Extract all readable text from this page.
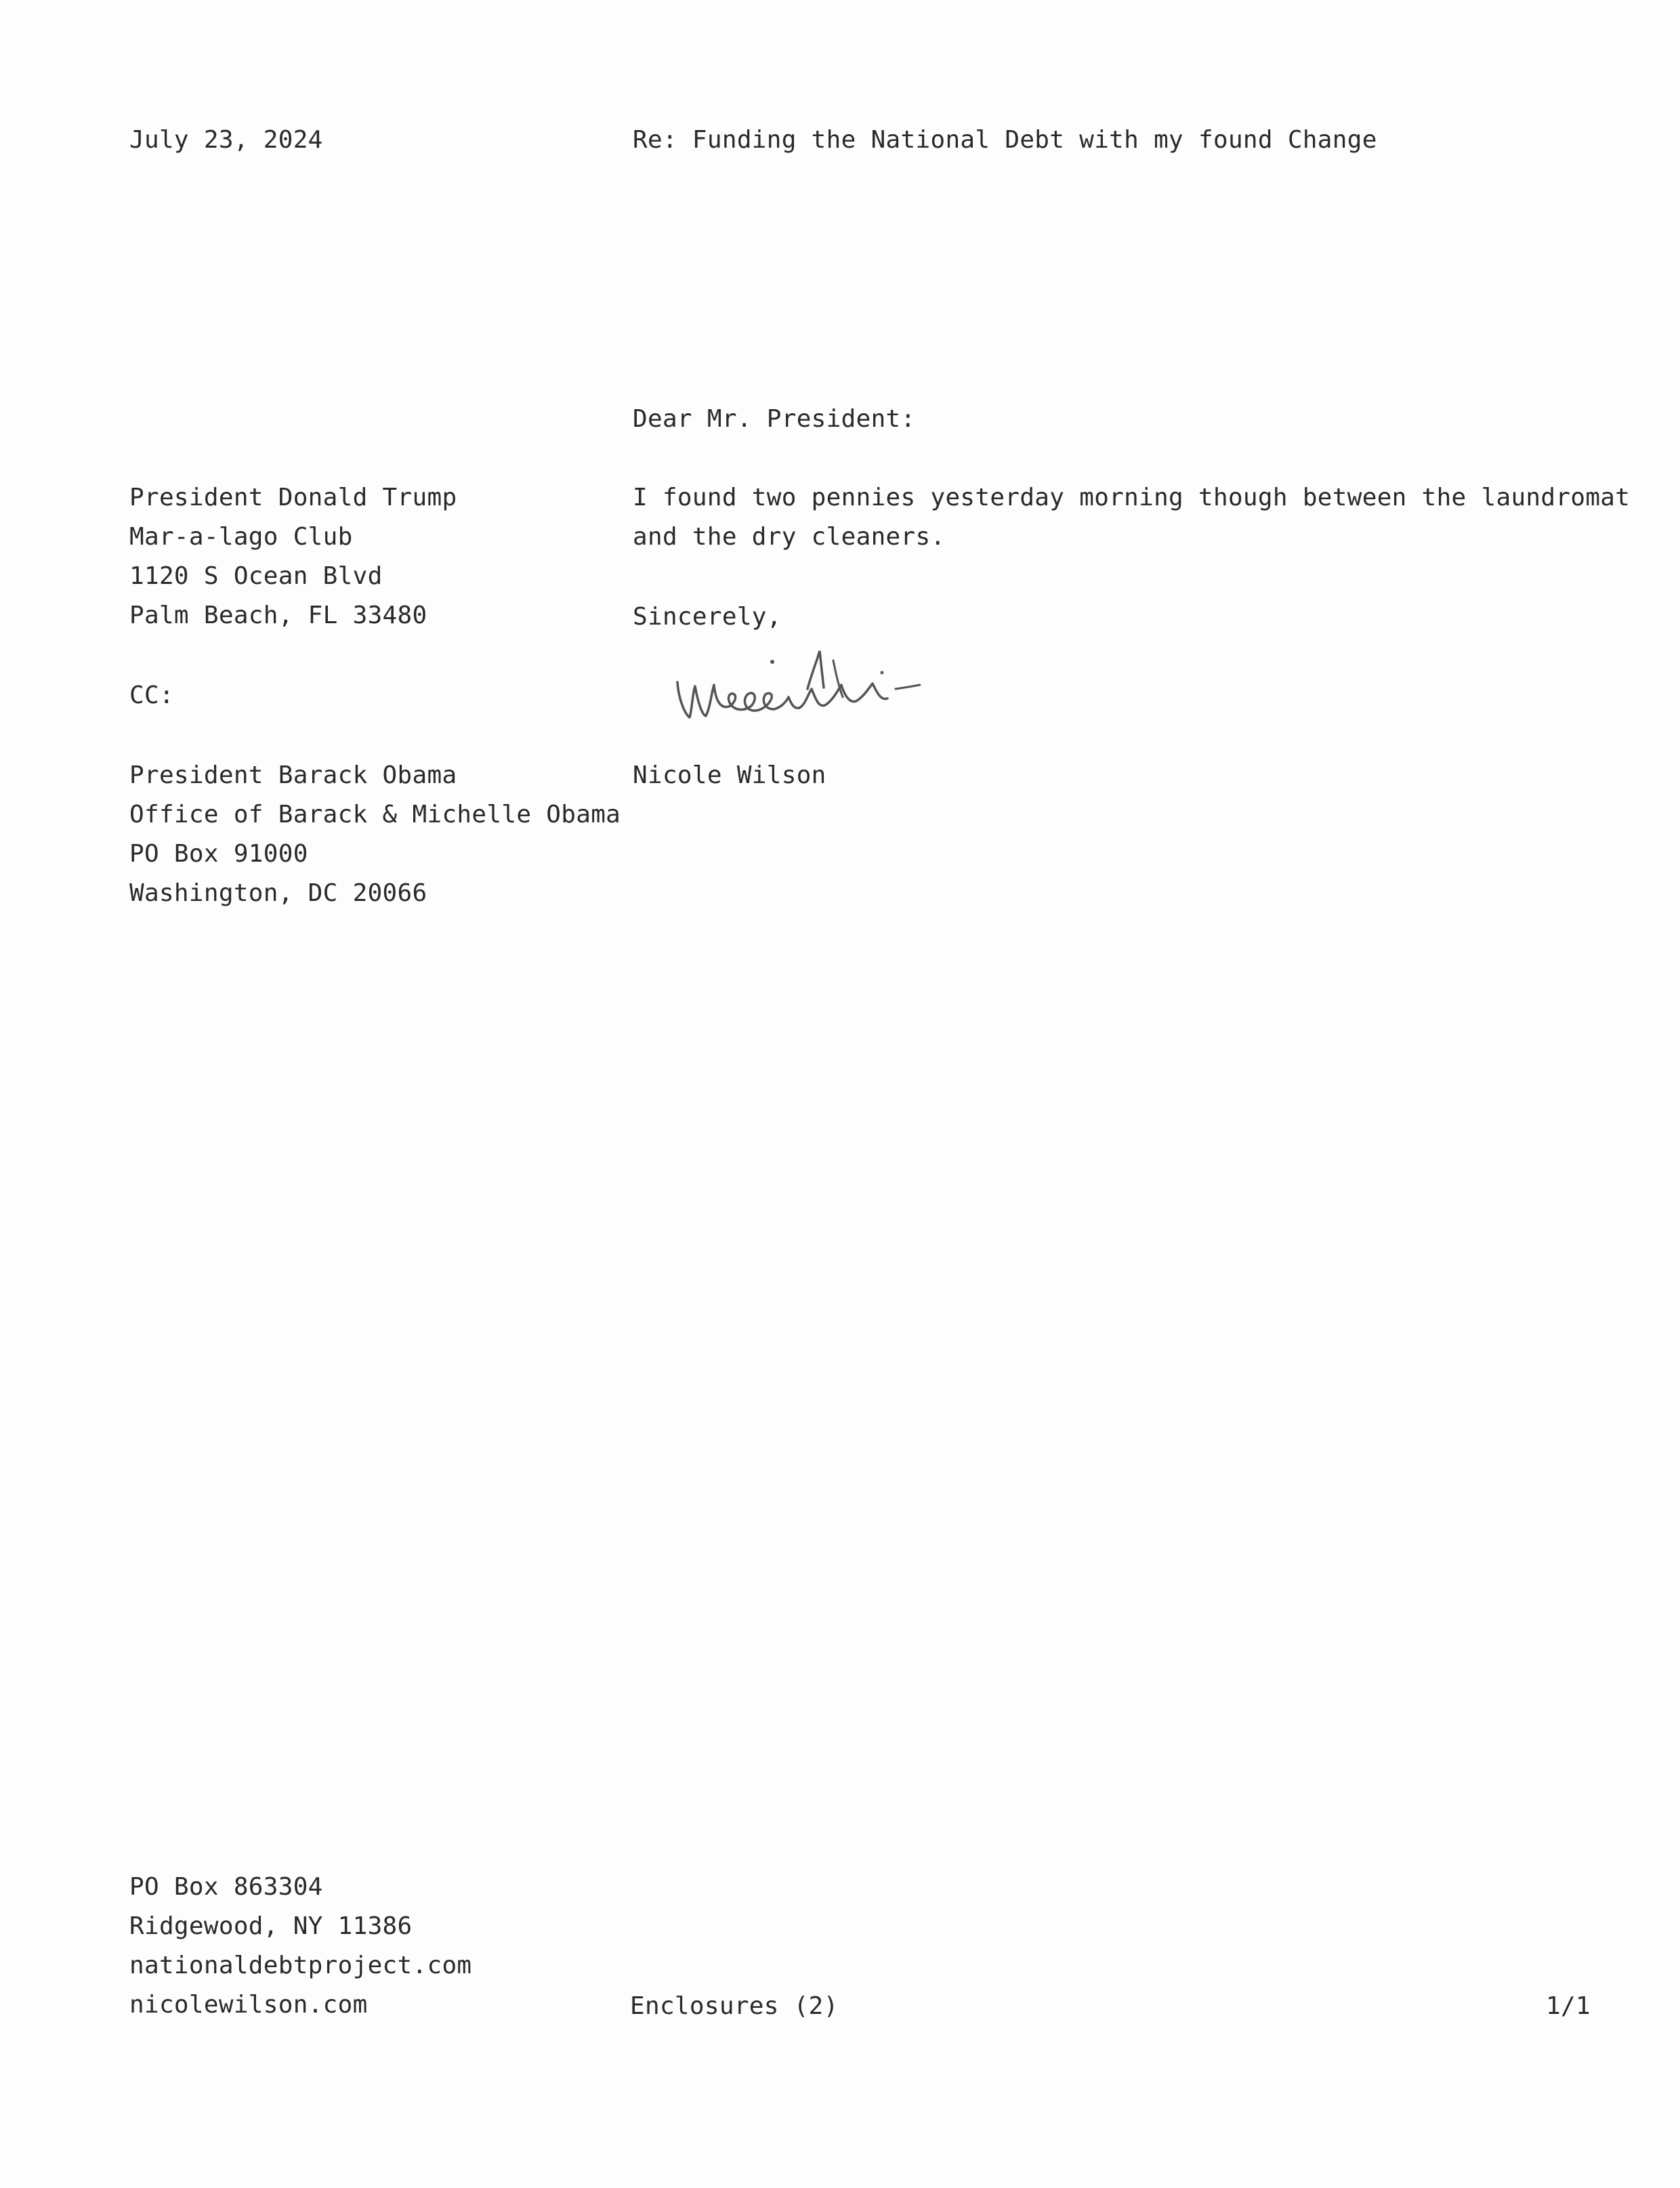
July 23, 2024	Re: Funding the National Debt with my found Change
Dear Mr. President:
President Donald Trump
Mar-a-lago Club
1120 S Ocean Blvd
Palm Beach, FL 33480
I found two pennies yesterday morning though between the laundromat
and the dry cleaners.
Sincerely,
CC:
Nicole Wilson
President Barack Obama
Office of Barack & Michelle Obama
PO Box 91000
Washington, DC 20066
PO Box 863304
Ridgewood, NY 11386
nationaldebtproject.com
nicolewilson.com	Enclosures (2)	1/1
